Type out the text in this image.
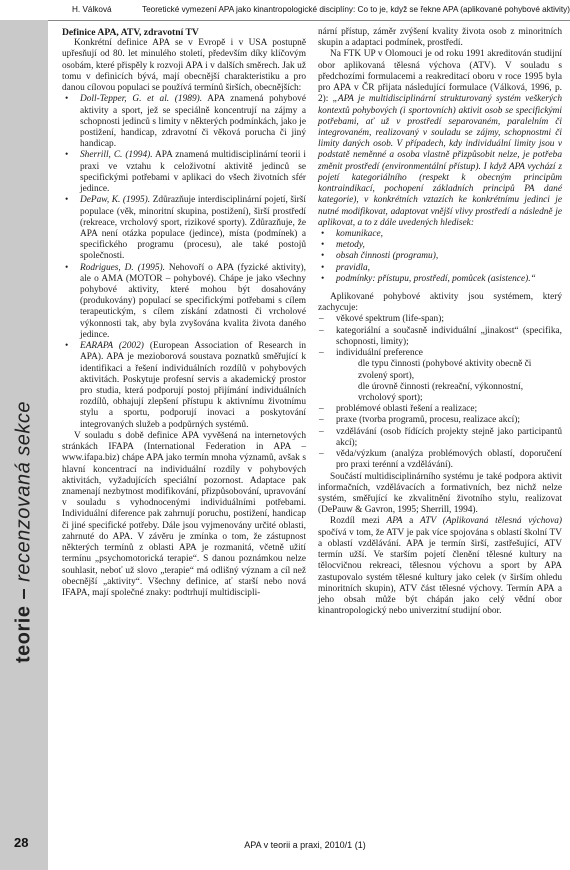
H. Válková	Teoretické vymezení APA jako kinantropologické disciplíny: Co to je, když se řekne APA (aplikované pohybové aktivity)
teorie – recenzovaná sekce
Definice APA, ATV, zdravotní TV

Konkrétní definice APA se v Evropě i v USA postupně upřesňují od 80. let minulého století, především díky klíčovým osobám, které přispěly k rozvoji APA i v dalších směrech. Jak už tomu v definicích bývá, mají obecnější charakteristiku a pro danou cílovou populaci se používá termínů širších, obecnějších:

• Doll-Tepper, G. et al. (1989). APA znamená pohybové aktivity a sport, jež se speciálně koncentrují na zájmy a schopnosti jedinců s limity v některých podmínkách, jako je postižení, handicap, zdravotní či věková porucha či jiný handicap.
• Sherrill, C. (1994). APA znamená multidisciplinární teorii i praxi ve vztahu k celoživotní aktivitě jedinců se specifickými potřebami v aplikaci do všech životních sfér jedince.
• DePaw, K. (1995). Zdůrazňuje interdisciplinární pojetí, širší populace (věk, minoritní skupina, postižení), širší prostředí (rekreace, vrcholový sport, rizikové sporty). Zdůrazňuje, že APA není otázka populace (jedince), místa (podmínek) a specifického programu (procesu), ale také postojů společnosti.
• Rodrigues, D. (1995). Nehovoří o APA (fyzické aktivity), ale o AMA (MOTOR – pohybové). Chápe je jako všechny pohybové aktivity, které mohou být dosahovány (produkovány) populací se specifickými potřebami s cílem terapeutickým, s cílem získání zdatnosti či vrcholové výkonnosti tak, aby byla zvyšována kvalita života daného jedince.
• EARAPA (2002) (European Association of Research in APA). APA je mezioborová soustava poznatků směřující k identifikaci a řešení individuálních rozdílů v pohybových aktivitách. Poskytuje profesní servis a akademický prostor pro studia, která podporují postoj přijímání individuálních rozdílů, obhajují zlepšení přístupu k aktivnímu životnímu stylu a sportu, podporují inovaci a poskytování integrovaných služeb a podpůrných systémů.

V souladu s době definice APA vyvěšená na internetových stránkách IFAPA (International Federation in APA – www.ifapa.biz) chápe APA jako termín mnoha významů, avšak s hlavní koncentrací na individuální rozdíly v pohybových aktivitách, vyžadujících speciální pozornost. Adaptace pak znamenají nezbytnost modifikování, přizpůsobování, upravování v souladu s vyhodnocenými individuálními potřebami. Individuální diference pak zahrnují poruchu, postižení, handicap či jiné specifické potřeby. Dále jsou vyjmenovány určité oblasti, zahrnuté do APA. V závěru je zmínka o tom, že zástupnost některých termínů z oblasti APA je rozmanitá, včetně užití termínu „psychomotorická terapie“. S danou poznámkou nelze souhlasit, neboť už slovo „terapie“ má odlišný význam a cíl než obecnější „aktivity“. Všechny definice, ať starší nebo nová IFAPA, mají společné znaky: podtrhují multidiscipli-

nární přístup, záměr zvýšení kvality života osob z minoritních skupin a adaptaci podmínek, prostředí.

Na FTK UP v Olomouci je od roku 1991 akreditován studijní obor aplikovaná tělesná výchova (ATV). V souladu s předchozími formulacemi a reakreditací oboru v roce 1995 byla pro APA v ČR přijata následující formulace (Válková, 1996, p. 2): „APA je multidisciplinární strukturovaný systém veškerých kontextů pohybových (i sportovních) aktivit osob se specifickými potřebami, ať už v prostředí separovaném, paralelním či integrovaném, realizovaný v souladu se zájmy, schopnostmi či limity daných osob. V případech, kdy individuální limity jsou v podstatě neměnné a osoba vlastně přizpůsobit nelze, je potřeba změnit prostředí (environmentální přístup). I když APA vychází z pojetí kategoriálního (respekt k obecným principům kontraindikací, pochopení základních principů PA dané kategorie), v konkrétních vztazích ke konkrétnímu jedinci je nutné modifikovat, adaptovat vnější vlivy prostředí a následně je aplikovat, a to z dále uvedených hledisek:

• komunikace,
• metody,
• obsah činnosti (programu),
• pravidla,
• podmínky: přístupu, prostředí, pomůcek (asistence).“

Aplikované pohybové aktivity jsou systémem, který zachycuje:

– věkové spektrum (life-span);
– kategoriální a současně individuální „jinakost“ (specifika, schopnosti, limity);
– individuální preference

dle typu činnosti (pohybové aktivity obecně či zvolený sport),

dle úrovně činnosti (rekreační, výkonnostní, vrcholový sport);

– problémové oblasti řešení a realizace;
– praxe (tvorba programů, procesu, realizace akcí);
– vzdělávání (osob řídících projekty stejně jako participantů akcí);
– věda/výzkum (analýza problémových oblastí, doporučení pro praxi terénní a vzdělávání).

Součástí multidisciplinárního systému je také podpora aktivit informačních, vzdělávacích a formativních, bez nichž nelze systém, směřující ke zkvalitnění životního stylu, realizovat (DePauw & Gavron, 1995; Sherrill, 1994).

Rozdíl mezi APA a ATV (Aplikovaná tělesná výchova) spočívá v tom, že ATV je pak více spojována s oblastí školní TV a oblastí vzdělávání. APA je termín širší, zastřešující, ATV termín užší. Ve starším pojetí členění tělesné kultury na tělocvičnou rekreaci, tělesnou výchovu a sport by APA zastupovalo systém tělesné kultury jako celek (v širším ohledu minoritních skupin), ATV část tělesné výchovy. Termín APA a jeho obsah může být chápán jako celý vědní obor kinantropologický nebo univerzitní studijní obor.

28	APA v teorii a praxi, 2010/1 (1)
